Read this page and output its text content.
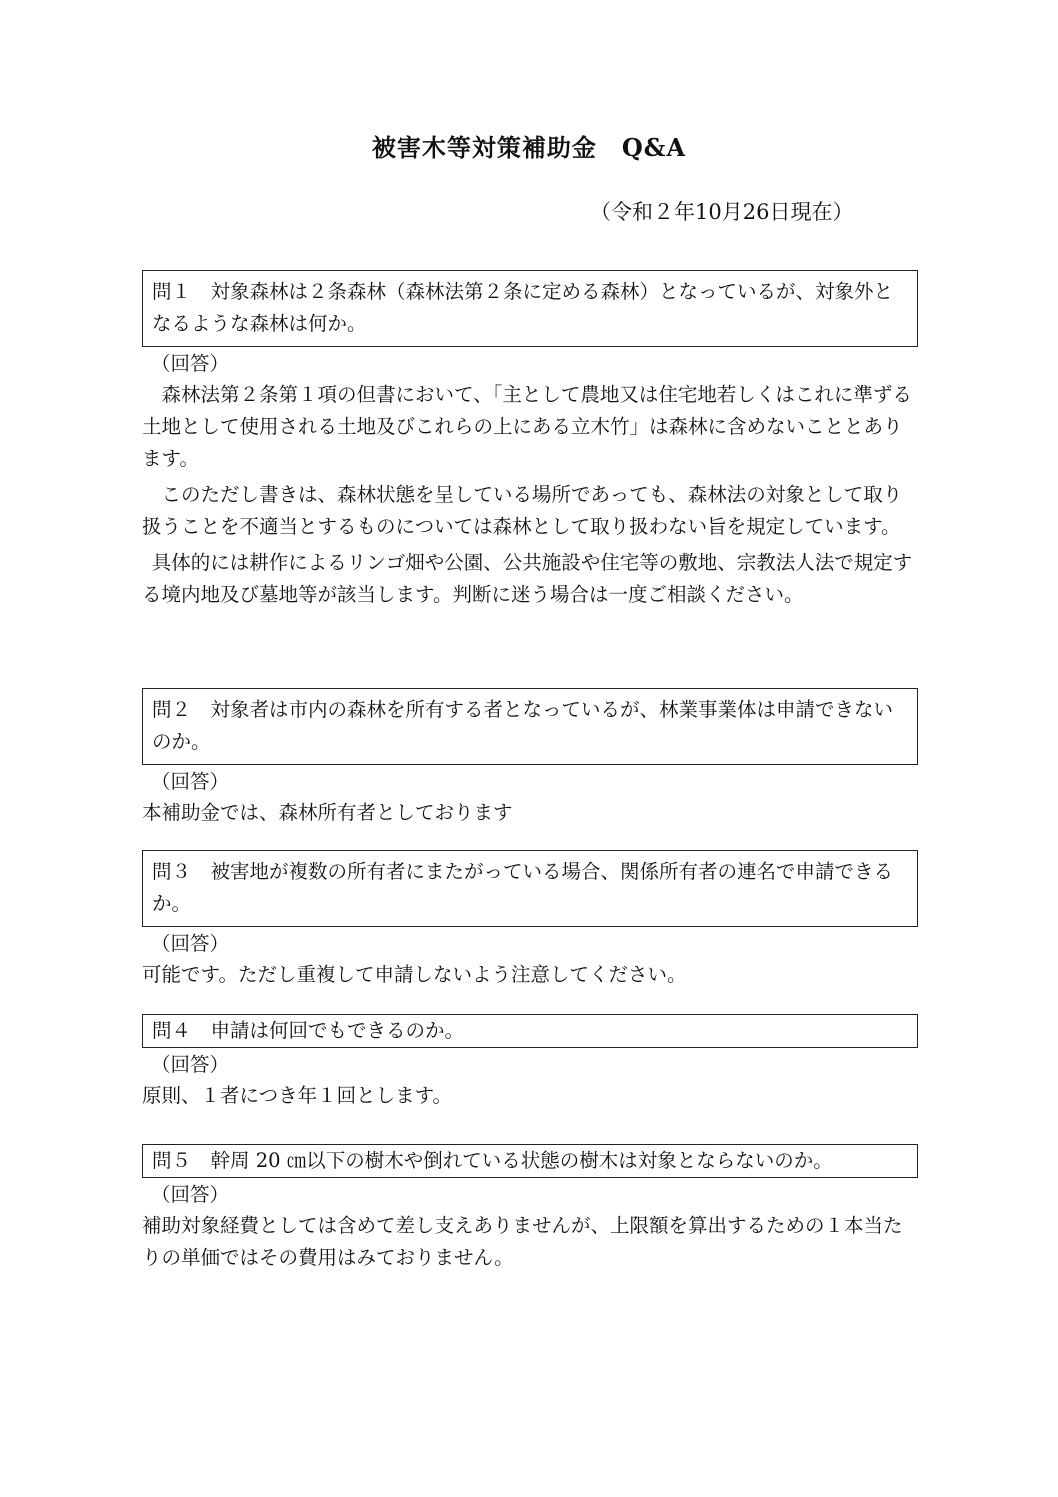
被害木等対策補助金　Q&A
（令和２年10月26日現在）
問１　対象森林は２条森林（森林法第２条に定める森林）となっているが、対象外となるような森林は何か。
（回答）

森林法第２条第１項の但書において、「主として農地又は住宅地若しくはこれに準ずる土地として使用される土地及びこれらの上にある立木竹」は森林に含めないこととあります。

このただし書きは、森林状態を呈している場所であっても、森林法の対象として取り扱うことを不適当とするものについては森林として取り扱わない旨を規定しています。

具体的には耕作によるリンゴ畑や公園、公共施設や住宅等の敷地、宗教法人法で規定する境内地及び墓地等が該当します。判断に迷う場合は一度ご相談ください。

問２　対象者は市内の森林を所有する者となっているが、林業事業体は申請できないのか。
（回答）

本補助金では、森林所有者としております

問３　被害地が複数の所有者にまたがっている場合、関係所有者の連名で申請できるか。
（回答）

可能です。ただし重複して申請しないよう注意してください。

問４　申請は何回でもできるのか。
（回答）

原則、１者につき年１回とします。

問５　幹周 20 ㎝以下の樹木や倒れている状態の樹木は対象とならないのか。
（回答）

補助対象経費としては含めて差し支えありませんが、上限額を算出するための１本当たりの単価ではその費用はみておりません。
